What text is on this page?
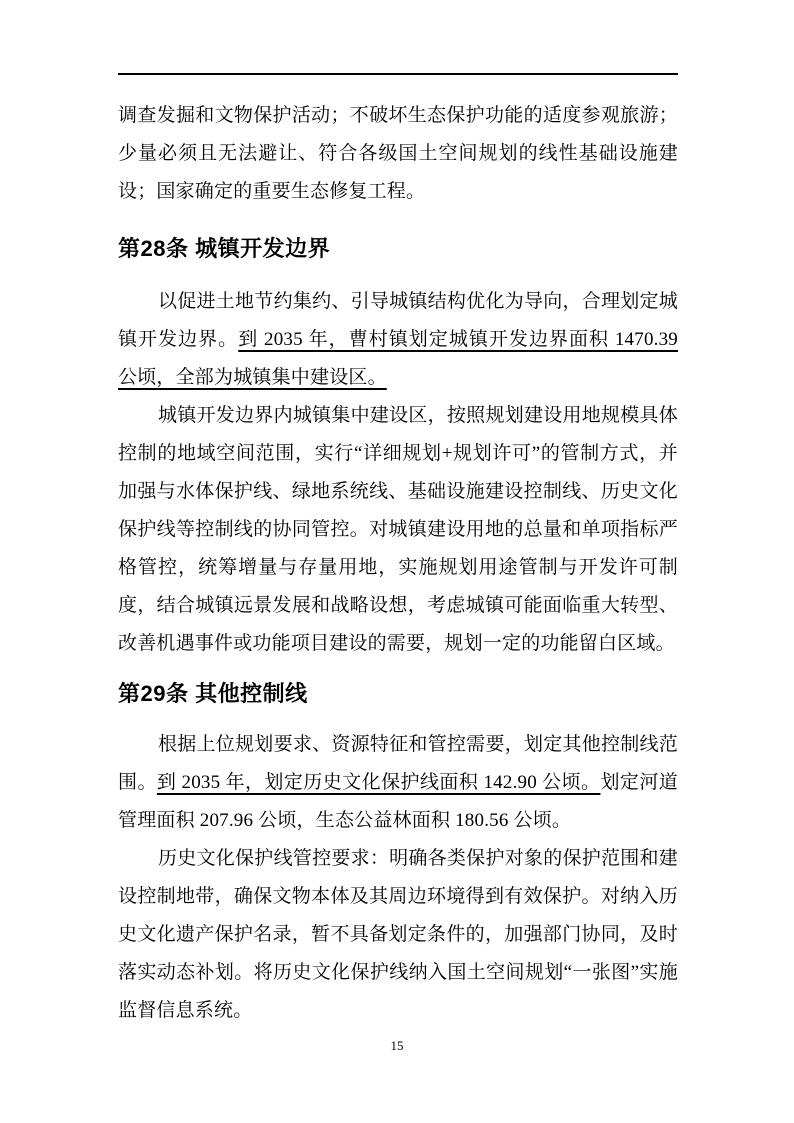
调查发掘和文物保护活动；不破坏生态保护功能的适度参观旅游；少量必须且无法避让、符合各级国土空间规划的线性基础设施建设；国家确定的重要生态修复工程。

第28条 城镇开发边界

以促进土地节约集约、引导城镇结构优化为导向，合理划定城镇开发边界。到 2035 年，曹村镇划定城镇开发边界面积 1470.39 公顷，全部为城镇集中建设区。

城镇开发边界内城镇集中建设区，按照规划建设用地规模具体控制的地域空间范围，实行“详细规划+规划许可”的管制方式，并加强与水体保护线、绿地系统线、基础设施建设控制线、历史文化保护线等控制线的协同管控。对城镇建设用地的总量和单项指标严格管控，统筹增量与存量用地，实施规划用途管制与开发许可制度，结合城镇远景发展和战略设想，考虑城镇可能面临重大转型、改善机遇事件或功能项目建设的需要，规划一定的功能留白区域。

第29条 其他控制线

根据上位规划要求、资源特征和管控需要，划定其他控制线范围。到 2035 年，划定历史文化保护线面积 142.90 公顷。划定河道管理面积 207.96 公顷，生态公益林面积 180.56 公顷。

历史文化保护线管控要求：明确各类保护对象的保护范围和建设控制地带，确保文物本体及其周边环境得到有效保护。对纳入历史文化遗产保护名录，暂不具备划定条件的，加强部门协同，及时落实动态补划。将历史文化保护线纳入国土空间规划“一张图”实施监督信息系统。

15
